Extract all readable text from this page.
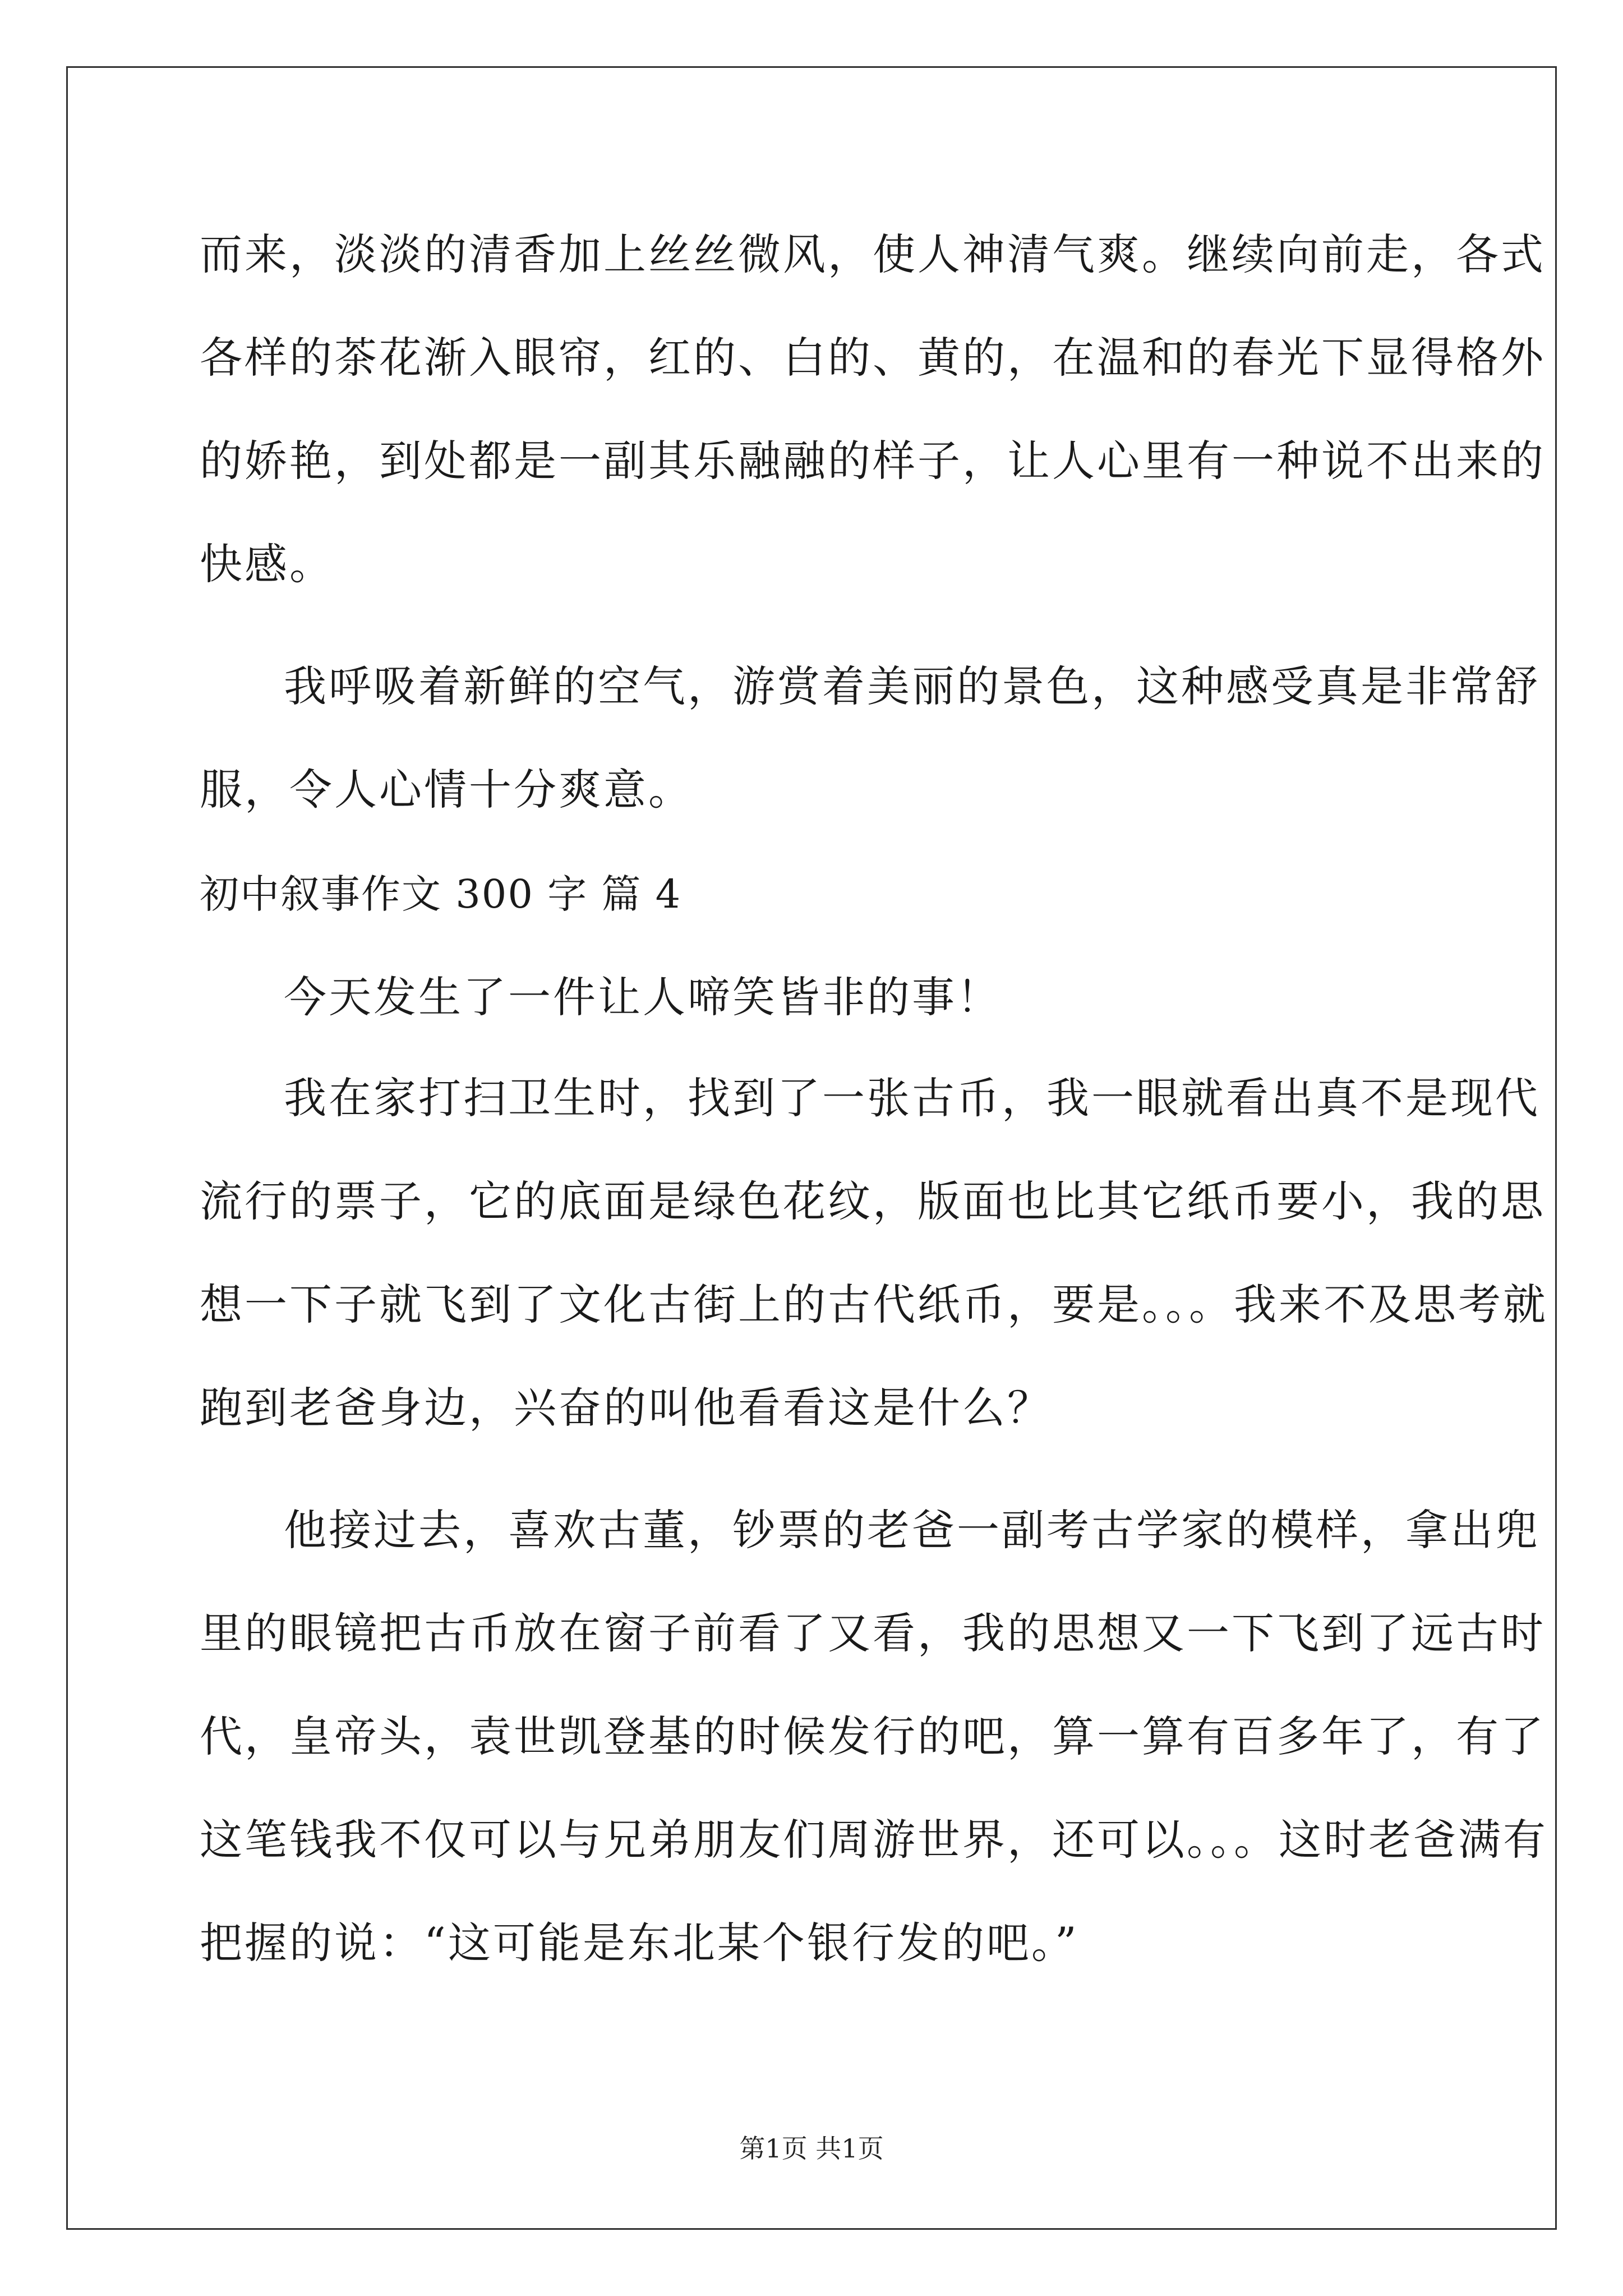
而来，淡淡的清香加上丝丝微风，使人神清气爽。继续向前走，各式
各样的茶花渐入眼帘，红的、白的、黄的，在温和的春光下显得格外
的娇艳，到处都是一副其乐融融的样子，让人心里有一种说不出来的
快感。
我呼吸着新鲜的空气，游赏着美丽的景色，这种感受真是非常舒
服，令人心情十分爽意。
初中叙事作文 300 字 篇 4
今天发生了一件让人啼笑皆非的事！
我在家打扫卫生时，找到了一张古币，我一眼就看出真不是现代
流行的票子，它的底面是绿色花纹，版面也比其它纸币要小，我的思
想一下子就飞到了文化古街上的古代纸币，要是。。。我来不及思考就
跑到老爸身边，兴奋的叫他看看这是什么？
他接过去，喜欢古董，钞票的老爸一副考古学家的模样，拿出兜
里的眼镜把古币放在窗子前看了又看，我的思想又一下飞到了远古时
代，皇帝头，袁世凯登基的时候发行的吧，算一算有百多年了，有了
这笔钱我不仅可以与兄弟朋友们周游世界，还可以。。。这时老爸满有
把握的说：“这可能是东北某个银行发的吧。”
第1页 共1页
